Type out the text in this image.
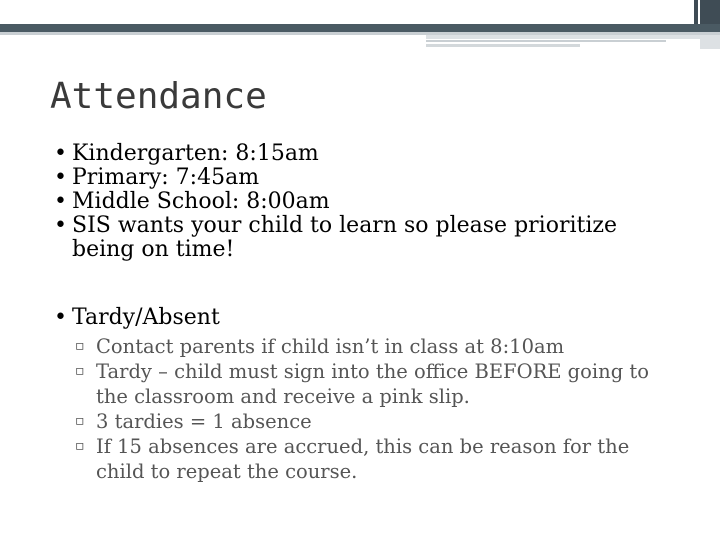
Attendance
• Kindergarten: 8:15am
• Primary: 7:45am
• Middle School: 8:00am
• SIS wants your child to learn so please prioritize being on time!
• Tardy/Absent
▫ Contact parents if child isn’t in class at 8:10am
▫ Tardy – child must sign into the office BEFORE going to the classroom and receive a pink slip.
▫ 3 tardies = 1 absence
▫ If 15 absences are accrued, this can be reason for the child to repeat the course.
